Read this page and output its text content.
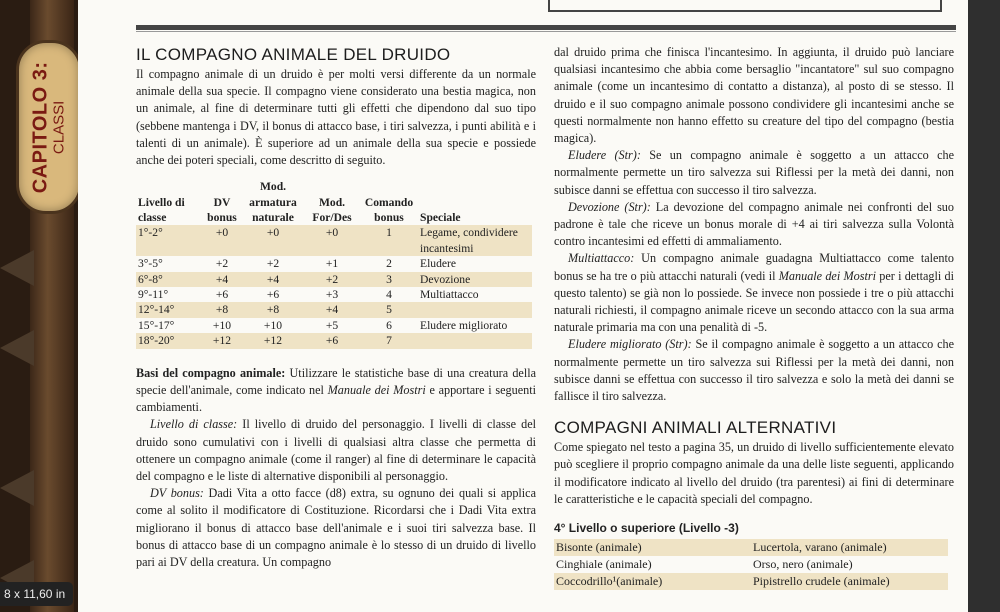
CAPITOLO 3: CLASSI
IL COMPAGNO ANIMALE DEL DRUIDO

Il compagno animale di un druido è per molti versi differente da un normale animale della sua specie. Il compagno viene considerato una bestia magica, non un animale, al fine di determinare tutti gli effetti che dipendono dal suo tipo (sebbene mantenga i DV, il bonus di attacco base, i tiri salvezza, i punti abilità e i talenti di un animale). È superiore ad un animale della sua specie e possiede anche dei poteri speciali, come descritto di seguito.

Livello di classe	DV bonus	Mod. armatura naturale	Mod. For/Des	Comando bonus	Speciale
1°-2°	+0	+0	+0	1	Legame, condividere incantesimi
3°-5°	+2	+2	+1	2	Eludere
6°-8°	+4	+4	+2	3	Devozione
9°-11°	+6	+6	+3	4	Multiattacco
12°-14°	+8	+8	+4	5	
15°-17°	+10	+10	+5	6	Eludere migliorato
18°-20°	+12	+12	+6	7	

Basi del compagno animale: Utilizzare le statistiche base di una creatura della specie dell'animale, come indicato nel Manuale dei Mostri e apportare i seguenti cambiamenti.

Livello di classe: Il livello di druido del personaggio. I livelli di classe del druido sono cumulativi con i livelli di qualsiasi altra classe che permetta di ottenere un compagno animale (come il ranger) al fine di determinare le capacità del compagno e le liste di alternative disponibili al personaggio.

DV bonus: Dadi Vita a otto facce (d8) extra, su ognuno dei quali si applica come al solito il modificatore di Costituzione. Ricordarsi che i Dadi Vita extra migliorano il bonus di attacco base dell'animale e i suoi tiri salvezza base. Il bonus di attacco base di un compagno animale è lo stesso di un druido di livello pari ai DV della creatura. Un compagno

dal druido prima che finisca l'incantesimo. In aggiunta, il druido può lanciare qualsiasi incantesimo che abbia come bersaglio "incantatore" sul suo compagno animale (come un incantesimo di contatto a distanza), al posto di se stesso. Il druido e il suo compagno animale possono condividere gli incantesimi anche se questi normalmente non hanno effetto su creature del tipo del compagno (bestia magica).

Eludere (Str): Se un compagno animale è soggetto a un attacco che normalmente permette un tiro salvezza sui Riflessi per la metà dei danni, non subisce danni se effettua con successo il tiro salvezza.

Devozione (Str): La devozione del compagno animale nei confronti del suo padrone è tale che riceve un bonus morale di +4 ai tiri salvezza sulla Volontà contro incantesimi ed effetti di ammaliamento.

Multiattacco: Un compagno animale guadagna Multiattacco come talento bonus se ha tre o più attacchi naturali (vedi il Manuale dei Mostri per i dettagli di questo talento) se già non lo possiede. Se invece non possiede i tre o più attacchi naturali richiesti, il compagno animale riceve un secondo attacco con la sua arma naturale primaria ma con una penalità di -5.

Eludere migliorato (Str): Se il compagno animale è soggetto a un attacco che normalmente permette un tiro salvezza sui Riflessi per la metà dei danni, non subisce danni se effettua con successo il tiro salvezza e solo la metà dei danni se fallisce il tiro salvezza.

COMPAGNI ANIMALI ALTERNATIVI

Come spiegato nel testo a pagina 35, un druido di livello sufficientemente elevato può scegliere il proprio compagno animale da una delle liste seguenti, applicando il modificatore indicato al livello del druido (tra parentesi) ai fini di determinare le caratteristiche e le capacità speciali del compagno.

4° Livello o superiore (Livello -3)
Bisonte (animale)	Lucertola, varano (animale)
Cinghiale (animale)	Orso, nero (animale)
Coccodrillo¹(animale)	Pipistrello crudele (animale)
8 x 11,60 in
